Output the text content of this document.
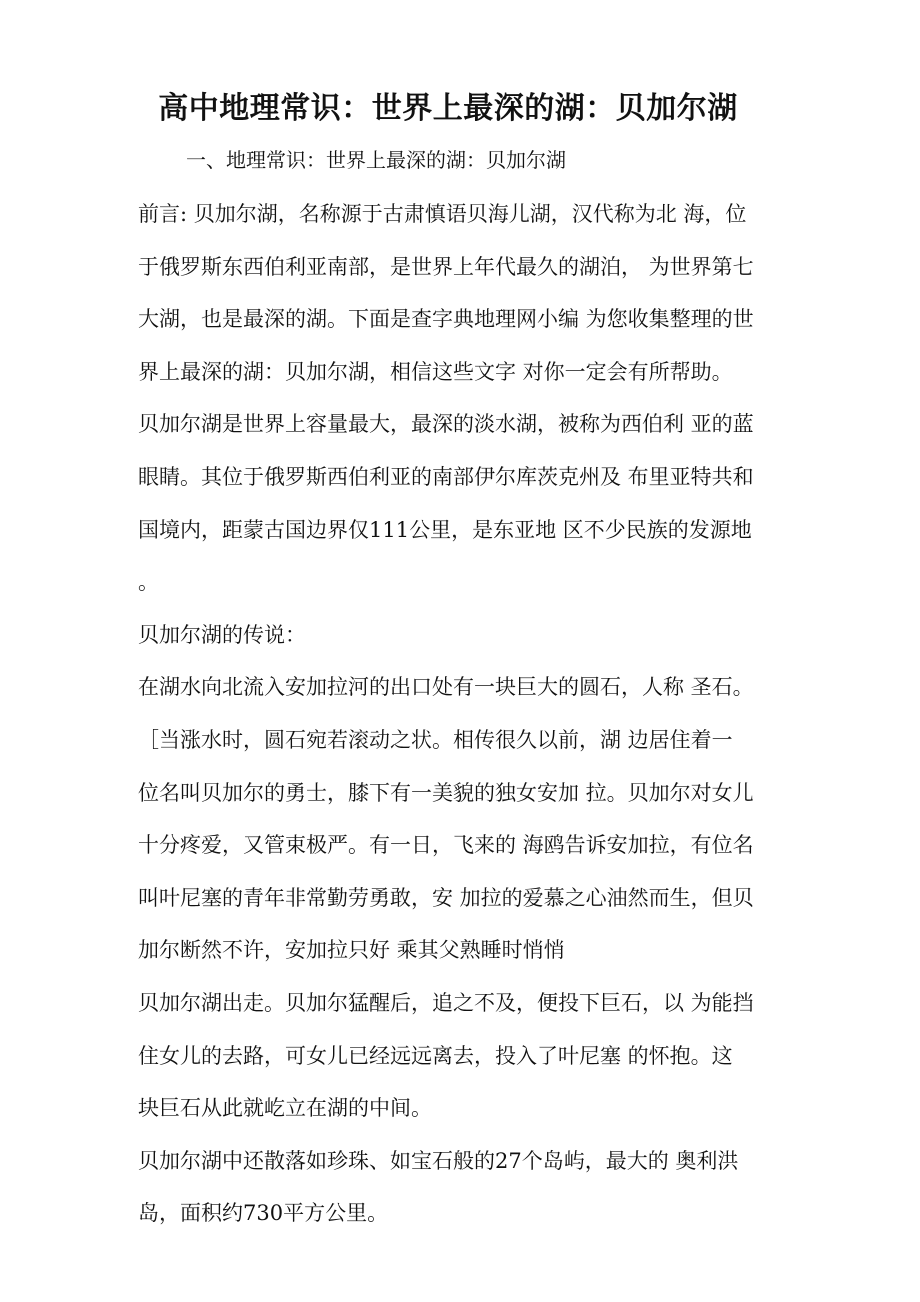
高中地理常识：世界上最深的湖：贝加尔湖

一、地理常识：世界上最深的湖：贝加尔湖

前言: 贝加尔湖，名称源于古肃慎语贝海儿湖，汉代称为北 海，位
于俄罗斯东西伯利亚南部，是世界上年代最久的湖泊， 为世界第七
大湖，也是最深的湖。下面是查字典地理网小编 为您收集整理的世
界上最深的湖：贝加尔湖，相信这些文字 对你一定会有所帮助。

贝加尔湖是世界上容量最大，最深的淡水湖，被称为西伯利 亚的蓝
眼睛。其位于俄罗斯西伯利亚的南部伊尔库茨克州及 布里亚特共和
国境内，距蒙古国边界仅111公里，是东亚地 区不少民族的发源地
。

贝加尔湖的传说：

在湖水向北流入安加拉河的出口处有一块巨大的圆石，人称 圣石。
［当涨水时，圆石宛若滚动之状。相传很久以前，湖 边居住着一
位名叫贝加尔的勇士，膝下有一美貌的独女安加 拉。贝加尔对女儿
十分疼爱，又管束极严。有一日，飞来的 海鸥告诉安加拉，有位名
叫叶尼塞的青年非常勤劳勇敢，安 加拉的爱慕之心油然而生，但贝
加尔断然不许，安加拉只好 乘其父熟睡时悄悄

贝加尔湖出走。贝加尔猛醒后，追之不及，便投下巨石，以 为能挡
住女儿的去路，可女儿已经远远离去，投入了叶尼塞 的怀抱。这
块巨石从此就屹立在湖的中间。

贝加尔湖中还散落如珍珠、如宝石般的27个岛屿，最大的 奥利洪
岛，面积约730平方公里。
